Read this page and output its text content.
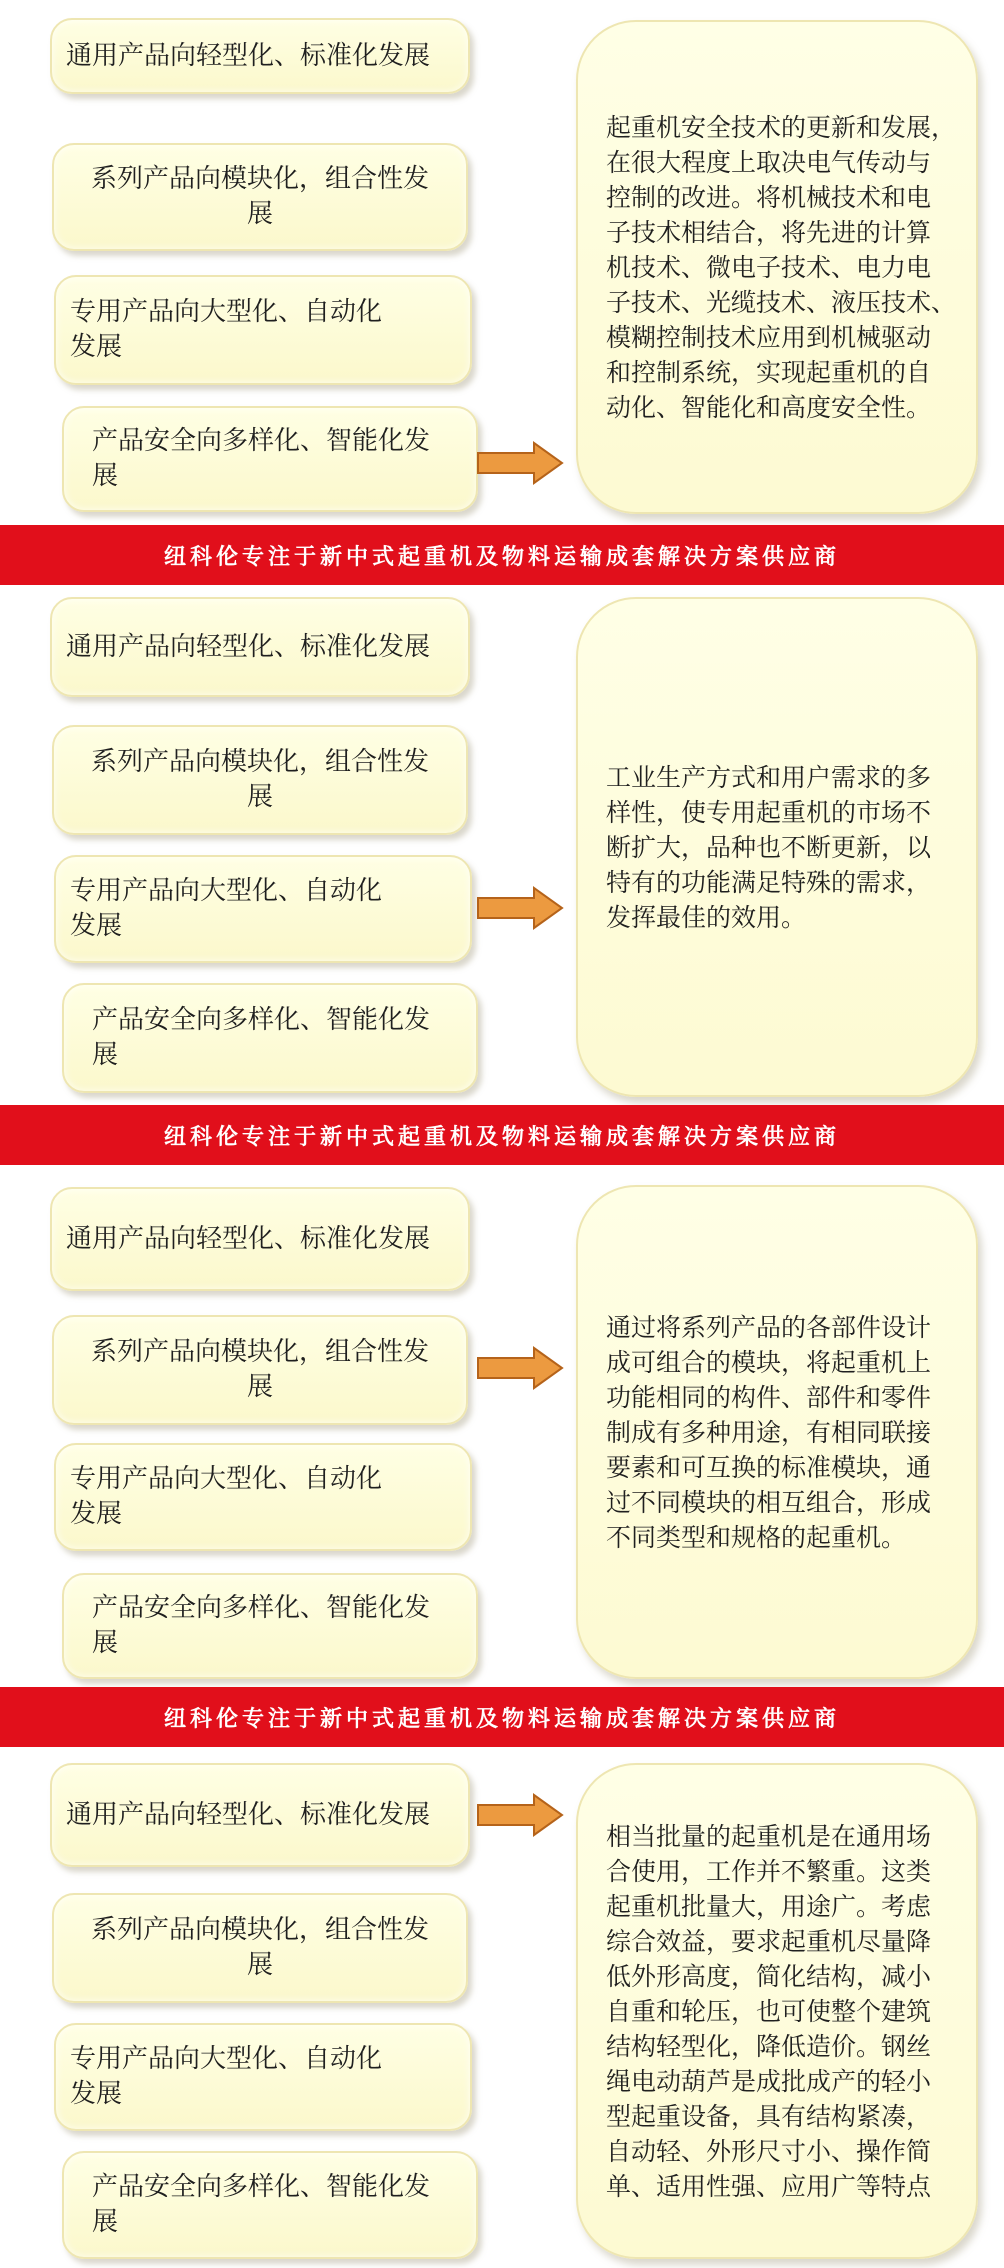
通用产品向轻型化、标准化发展
系列产品向模块化，组合性发
展
专用产品向大型化、自动化
发展
产品安全向多样化、智能化发
展
起重机安全技术的更新和发展，
在很大程度上取决电气传动与
控制的改进。将机械技术和电
子技术相结合，将先进的计算
机技术、微电子技术、电力电
子技术、光缆技术、液压技术、
模糊控制技术应用到机械驱动
和控制系统，实现起重机的自
动化、智能化和高度安全性。
纽科伦专注于新中式起重机及物料运输成套解决方案供应商
通用产品向轻型化、标准化发展
系列产品向模块化，组合性发
展
专用产品向大型化、自动化
发展
产品安全向多样化、智能化发
展
工业生产方式和用户需求的多
样性，使专用起重机的市场不
断扩大，品种也不断更新，以
特有的功能满足特殊的需求，
发挥最佳的效用。
纽科伦专注于新中式起重机及物料运输成套解决方案供应商
通用产品向轻型化、标准化发展
系列产品向模块化，组合性发
展
专用产品向大型化、自动化
发展
产品安全向多样化、智能化发
展
通过将系列产品的各部件设计
成可组合的模块，将起重机上
功能相同的构件、部件和零件
制成有多种用途，有相同联接
要素和可互换的标准模块，通
过不同模块的相互组合，形成
不同类型和规格的起重机。
纽科伦专注于新中式起重机及物料运输成套解决方案供应商
通用产品向轻型化、标准化发展
系列产品向模块化，组合性发
展
专用产品向大型化、自动化
发展
产品安全向多样化、智能化发
展
相当批量的起重机是在通用场
合使用，工作并不繁重。这类
起重机批量大，用途广。考虑
综合效益，要求起重机尽量降
低外形高度，简化结构，减小
自重和轮压，也可使整个建筑
结构轻型化，降低造价。钢丝
绳电动葫芦是成批成产的轻小
型起重设备，具有结构紧凑，
自动轻、外形尺寸小、操作简
单、适用性强、应用广等特点
